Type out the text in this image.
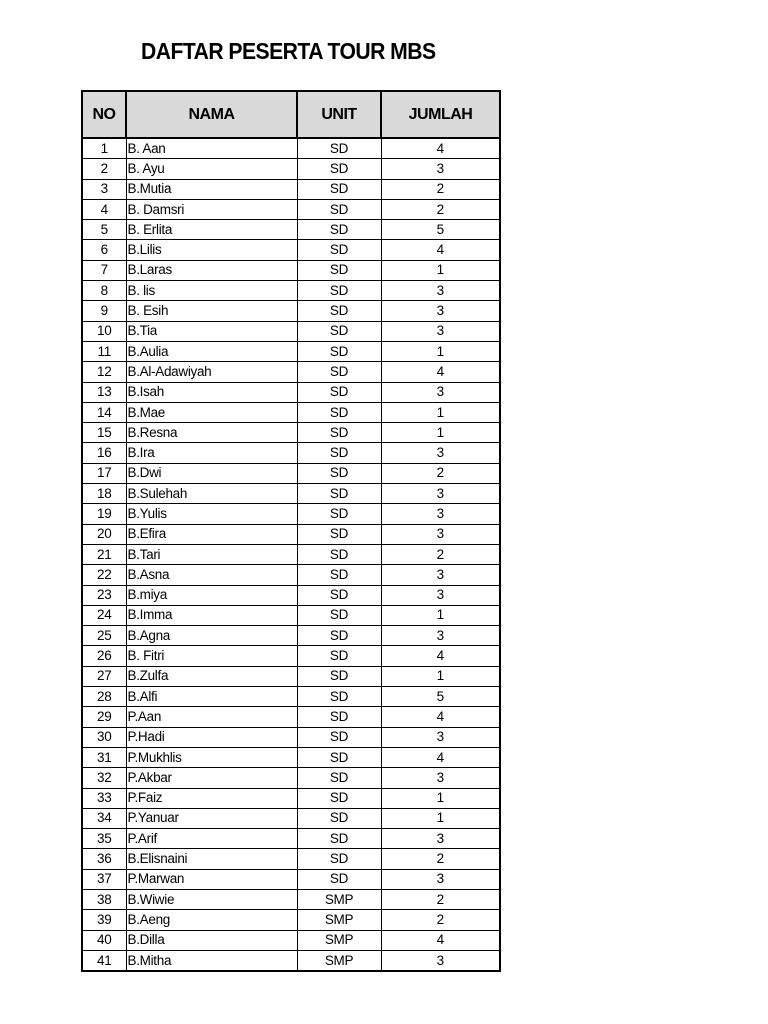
DAFTAR PESERTA TOUR MBS
NO	NAMA	UNIT	JUMLAH
1	B. Aan	SD	4
2	B. Ayu	SD	3
3	B.Mutia	SD	2
4	B. Damsri	SD	2
5	B. Erlita	SD	5
6	B.Lilis	SD	4
7	B.Laras	SD	1
8	B. lis	SD	3
9	B. Esih	SD	3
10	B.Tia	SD	3
11	B.Aulia	SD	1
12	B.Al-Adawiyah	SD	4
13	B.Isah	SD	3
14	B.Mae	SD	1
15	B.Resna	SD	1
16	B.Ira	SD	3
17	B.Dwi	SD	2
18	B.Sulehah	SD	3
19	B.Yulis	SD	3
20	B.Efira	SD	3
21	B.Tari	SD	2
22	B.Asna	SD	3
23	B.miya	SD	3
24	B.Imma	SD	1
25	B.Agna	SD	3
26	B. Fitri	SD	4
27	B.Zulfa	SD	1
28	B.Alfi	SD	5
29	P.Aan	SD	4
30	P.Hadi	SD	3
31	P.Mukhlis	SD	4
32	P.Akbar	SD	3
33	P.Faiz	SD	1
34	P.Yanuar	SD	1
35	P.Arif	SD	3
36	B.Elisnaini	SD	2
37	P.Marwan	SD	3
38	B.Wiwie	SMP	2
39	B.Aeng	SMP	2
40	B.Dilla	SMP	4
41	B.Mitha	SMP	3
